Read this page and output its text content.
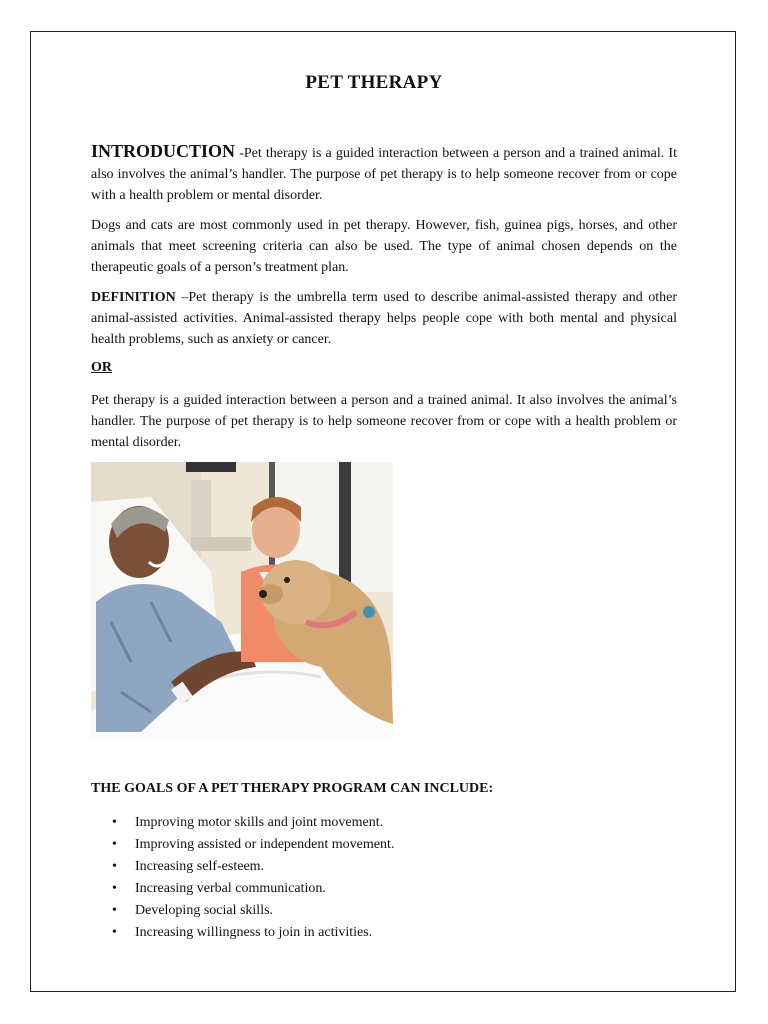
PET THERAPY

INTRODUCTION -Pet therapy is a guided interaction between a person and a trained animal. It also involves the animal’s handler. The purpose of pet therapy is to help someone recover from or cope with a health problem or mental disorder.

Dogs and cats are most commonly used in pet therapy. However, fish, guinea pigs, horses, and other animals that meet screening criteria can also be used. The type of animal chosen depends on the therapeutic goals of a person’s treatment plan.

DEFINITION –Pet therapy is the umbrella term used to describe animal-assisted therapy and other animal-assisted activities. Animal-assisted therapy helps people cope with both mental and physical health problems, such as anxiety or cancer.

OR

Pet therapy is a guided interaction between a person and a trained animal. It also involves the animal’s handler. The purpose of pet therapy is to help someone recover from or cope with a health problem or mental disorder.

THE GOALS OF A PET THERAPY PROGRAM CAN INCLUDE:
• Improving motor skills and joint movement.
• Improving assisted or independent movement.
• Increasing self-esteem.
• Increasing verbal communication.
• Developing social skills.
• Increasing willingness to join in activities.
